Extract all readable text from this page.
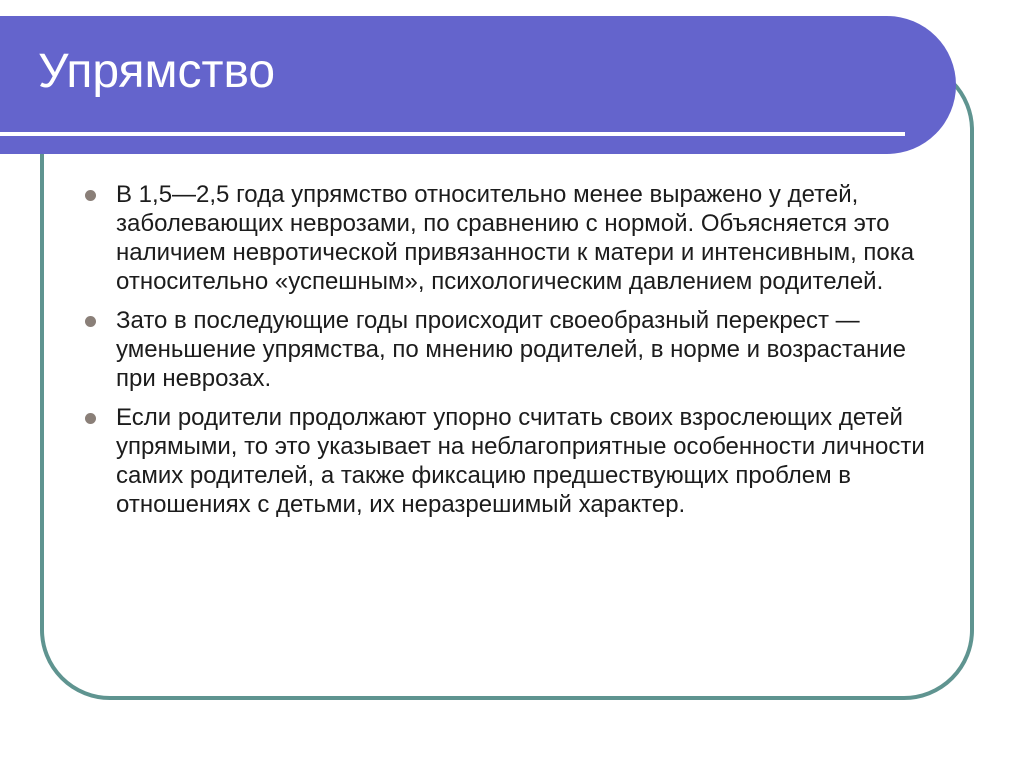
Упрямство
В 1,5—2,5 года упрямство относительно менее выражено у детей, заболевающих неврозами, по сравнению с нормой. Объясняется это наличием невротической привязанности к матери и интенсивным, пока относительно «успешным», психологическим давлением родителей.
Зато в последующие годы происходит своеобразный перекрест — уменьшение упрямства, по мнению родителей, в норме и возрастание при неврозах.
Если родители продолжают упорно считать своих взрослеющих детей упрямыми, то это указывает на неблагоприятные особенности личности самих родителей, а также фиксацию предшествующих проблем в отношениях с детьми, их неразрешимый характер.
